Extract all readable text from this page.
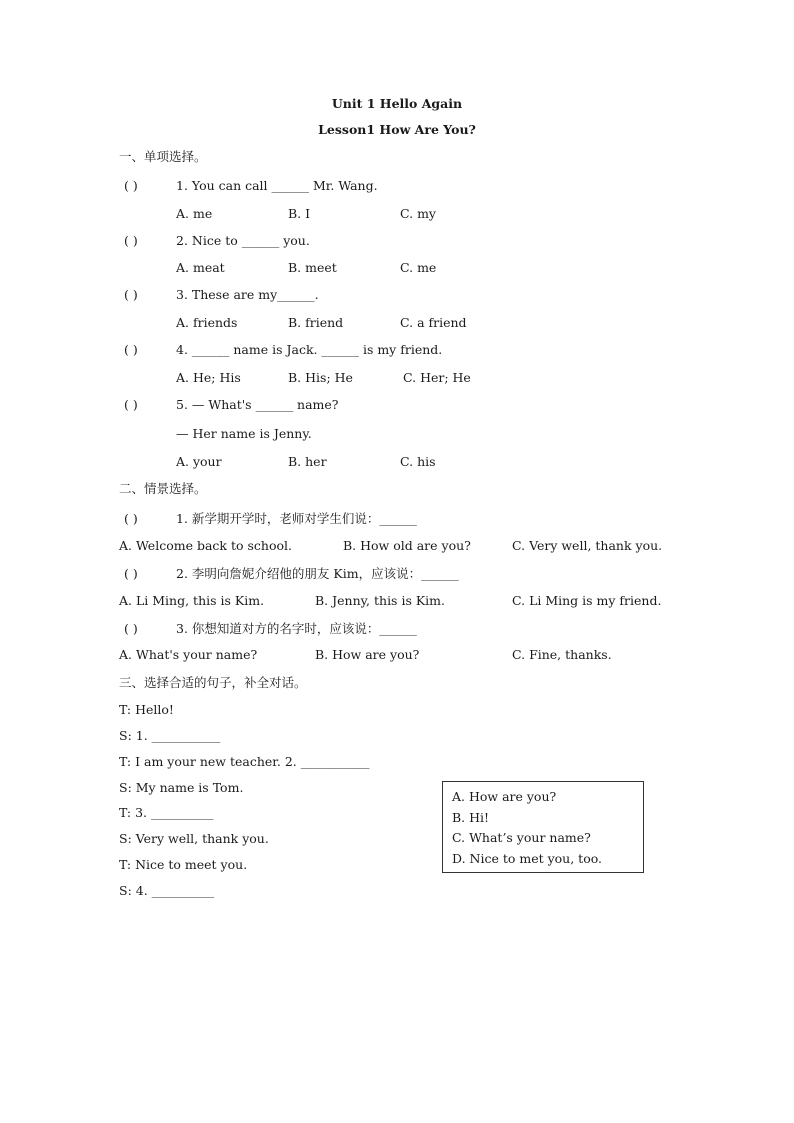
Unit 1 Hello Again
Lesson1 How Are You?
一、单项选择。
( )	1. You can call ______ Mr. Wang.
A. me	B. I	C. my
( )	2. Nice to ______ you.
A. meat	B. meet	C. me
( )	3. These are my______.
A. friends	B. friend	C. a friend
( )	4. ______ name is Jack. ______ is my friend.
A. He; His	B. His; He	C. Her; He
( )	5. — What's ______ name?
— Her name is Jenny.
A. your	B. her	C. his
二、情景选择。
( )	1. 新学期开学时，老师对学生们说：______
A. Welcome back to school.	B. How old are you?	C. Very well, thank you.
( )	2. 李明向詹妮介绍他的朋友 Kim，应该说：______
A. Li Ming, this is Kim.	B. Jenny, this is Kim.	C. Li Ming is my friend.
( )	3. 你想知道对方的名字时，应该说：______
A. What's your name?	B. How are you?	C. Fine, thanks.
三、选择合适的句子，补全对话。
T: Hello!
S: 1. ___________
T: I am your new teacher. 2. ___________
S: My name is Tom.
T: 3. __________
S: Very well, thank you.
T: Nice to meet you.
S: 4. __________
A. How are you?
B. Hi!
C. What’s your name?
D. Nice to met you, too.
